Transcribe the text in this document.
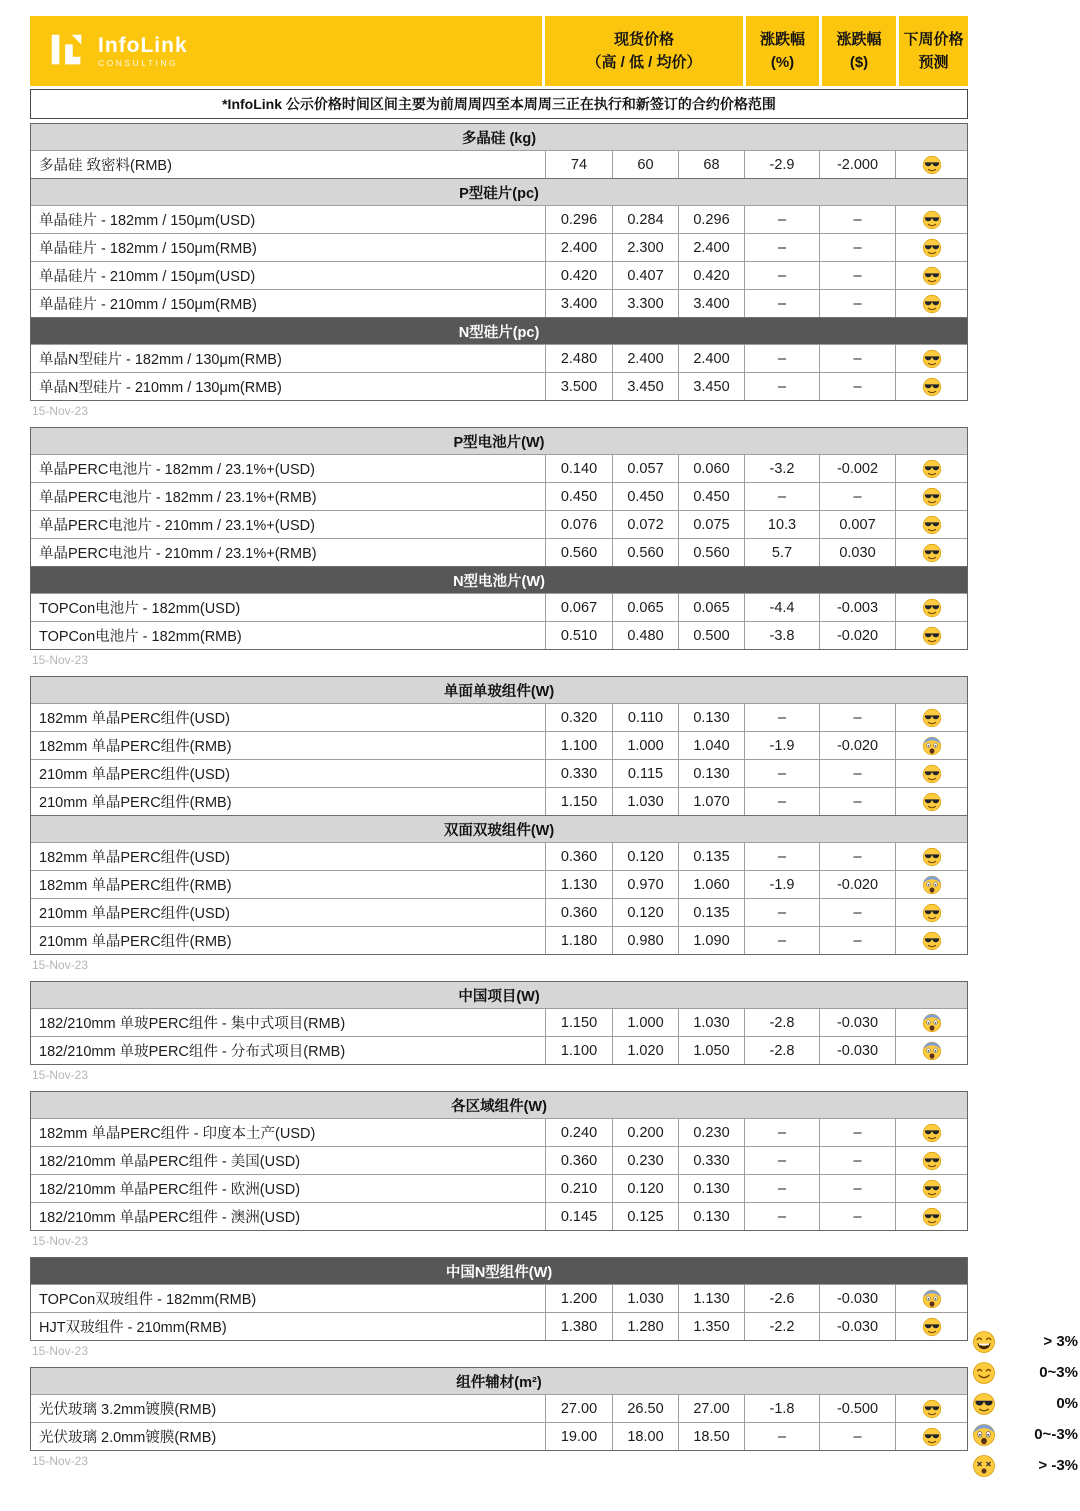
InfoLink
CONSULTING
现货价格
（高 / 低 / 均价）
涨跌幅
(%)
涨跌幅
($)
下周价格
预测
*InfoLink 公示价格时间区间主要为前周周四至本周周三正在执行和新签订的合约价格范围
多晶硅 (kg)
多晶硅 致密料(RMB)	74	60	68	-2.9	-2.000
P型硅片(pc)
单晶硅片 - 182mm / 150μm(USD)	0.296	0.284	0.296	–	–
单晶硅片 - 182mm / 150μm(RMB)	2.400	2.300	2.400	–	–
单晶硅片 - 210mm / 150μm(USD)	0.420	0.407	0.420	–	–
单晶硅片 - 210mm / 150μm(RMB)	3.400	3.300	3.400	–	–
N型硅片(pc)
单晶N型硅片 - 182mm / 130μm(RMB)	2.480	2.400	2.400	–	–
单晶N型硅片 - 210mm / 130μm(RMB)	3.500	3.450	3.450	–	–
15-Nov-23
P型电池片(W)
单晶PERC电池片 - 182mm / 23.1%+(USD)	0.140	0.057	0.060	-3.2	-0.002
单晶PERC电池片 - 182mm / 23.1%+(RMB)	0.450	0.450	0.450	–	–
单晶PERC电池片 - 210mm / 23.1%+(USD)	0.076	0.072	0.075	10.3	0.007
单晶PERC电池片 - 210mm / 23.1%+(RMB)	0.560	0.560	0.560	5.7	0.030
N型电池片(W)
TOPCon电池片 - 182mm(USD)	0.067	0.065	0.065	-4.4	-0.003
TOPCon电池片 - 182mm(RMB)	0.510	0.480	0.500	-3.8	-0.020
15-Nov-23
单面单玻组件(W)
182mm 单晶PERC组件(USD)	0.320	0.110	0.130	–	–
182mm 单晶PERC组件(RMB)	1.100	1.000	1.040	-1.9	-0.020
210mm 单晶PERC组件(USD)	0.330	0.115	0.130	–	–
210mm 单晶PERC组件(RMB)	1.150	1.030	1.070	–	–
双面双玻组件(W)
182mm 单晶PERC组件(USD)	0.360	0.120	0.135	–	–
182mm 单晶PERC组件(RMB)	1.130	0.970	1.060	-1.9	-0.020
210mm 单晶PERC组件(USD)	0.360	0.120	0.135	–	–
210mm 单晶PERC组件(RMB)	1.180	0.980	1.090	–	–
15-Nov-23
中国项目(W)
182/210mm 单玻PERC组件 - 集中式项目(RMB)	1.150	1.000	1.030	-2.8	-0.030
182/210mm 单玻PERC组件 - 分布式项目(RMB)	1.100	1.020	1.050	-2.8	-0.030
15-Nov-23
各区域组件(W)
182mm 单晶PERC组件 - 印度本土产(USD)	0.240	0.200	0.230	–	–
182/210mm 单晶PERC组件 - 美国(USD)	0.360	0.230	0.330	–	–
182/210mm 单晶PERC组件 - 欧洲(USD)	0.210	0.120	0.130	–	–
182/210mm 单晶PERC组件 - 澳洲(USD)	0.145	0.125	0.130	–	–
15-Nov-23
中国N型组件(W)
TOPCon双玻组件 - 182mm(RMB)	1.200	1.030	1.130	-2.6	-0.030
HJT双玻组件 - 210mm(RMB)	1.380	1.280	1.350	-2.2	-0.030
15-Nov-23
组件辅材(m²)
光伏玻璃 3.2mm镀膜(RMB)	27.00	26.50	27.00	-1.8	-0.500
光伏玻璃 2.0mm镀膜(RMB)	19.00	18.00	18.50	–	–
15-Nov-23
> 3%
0~3%
0%
0~-3%
> -3%
